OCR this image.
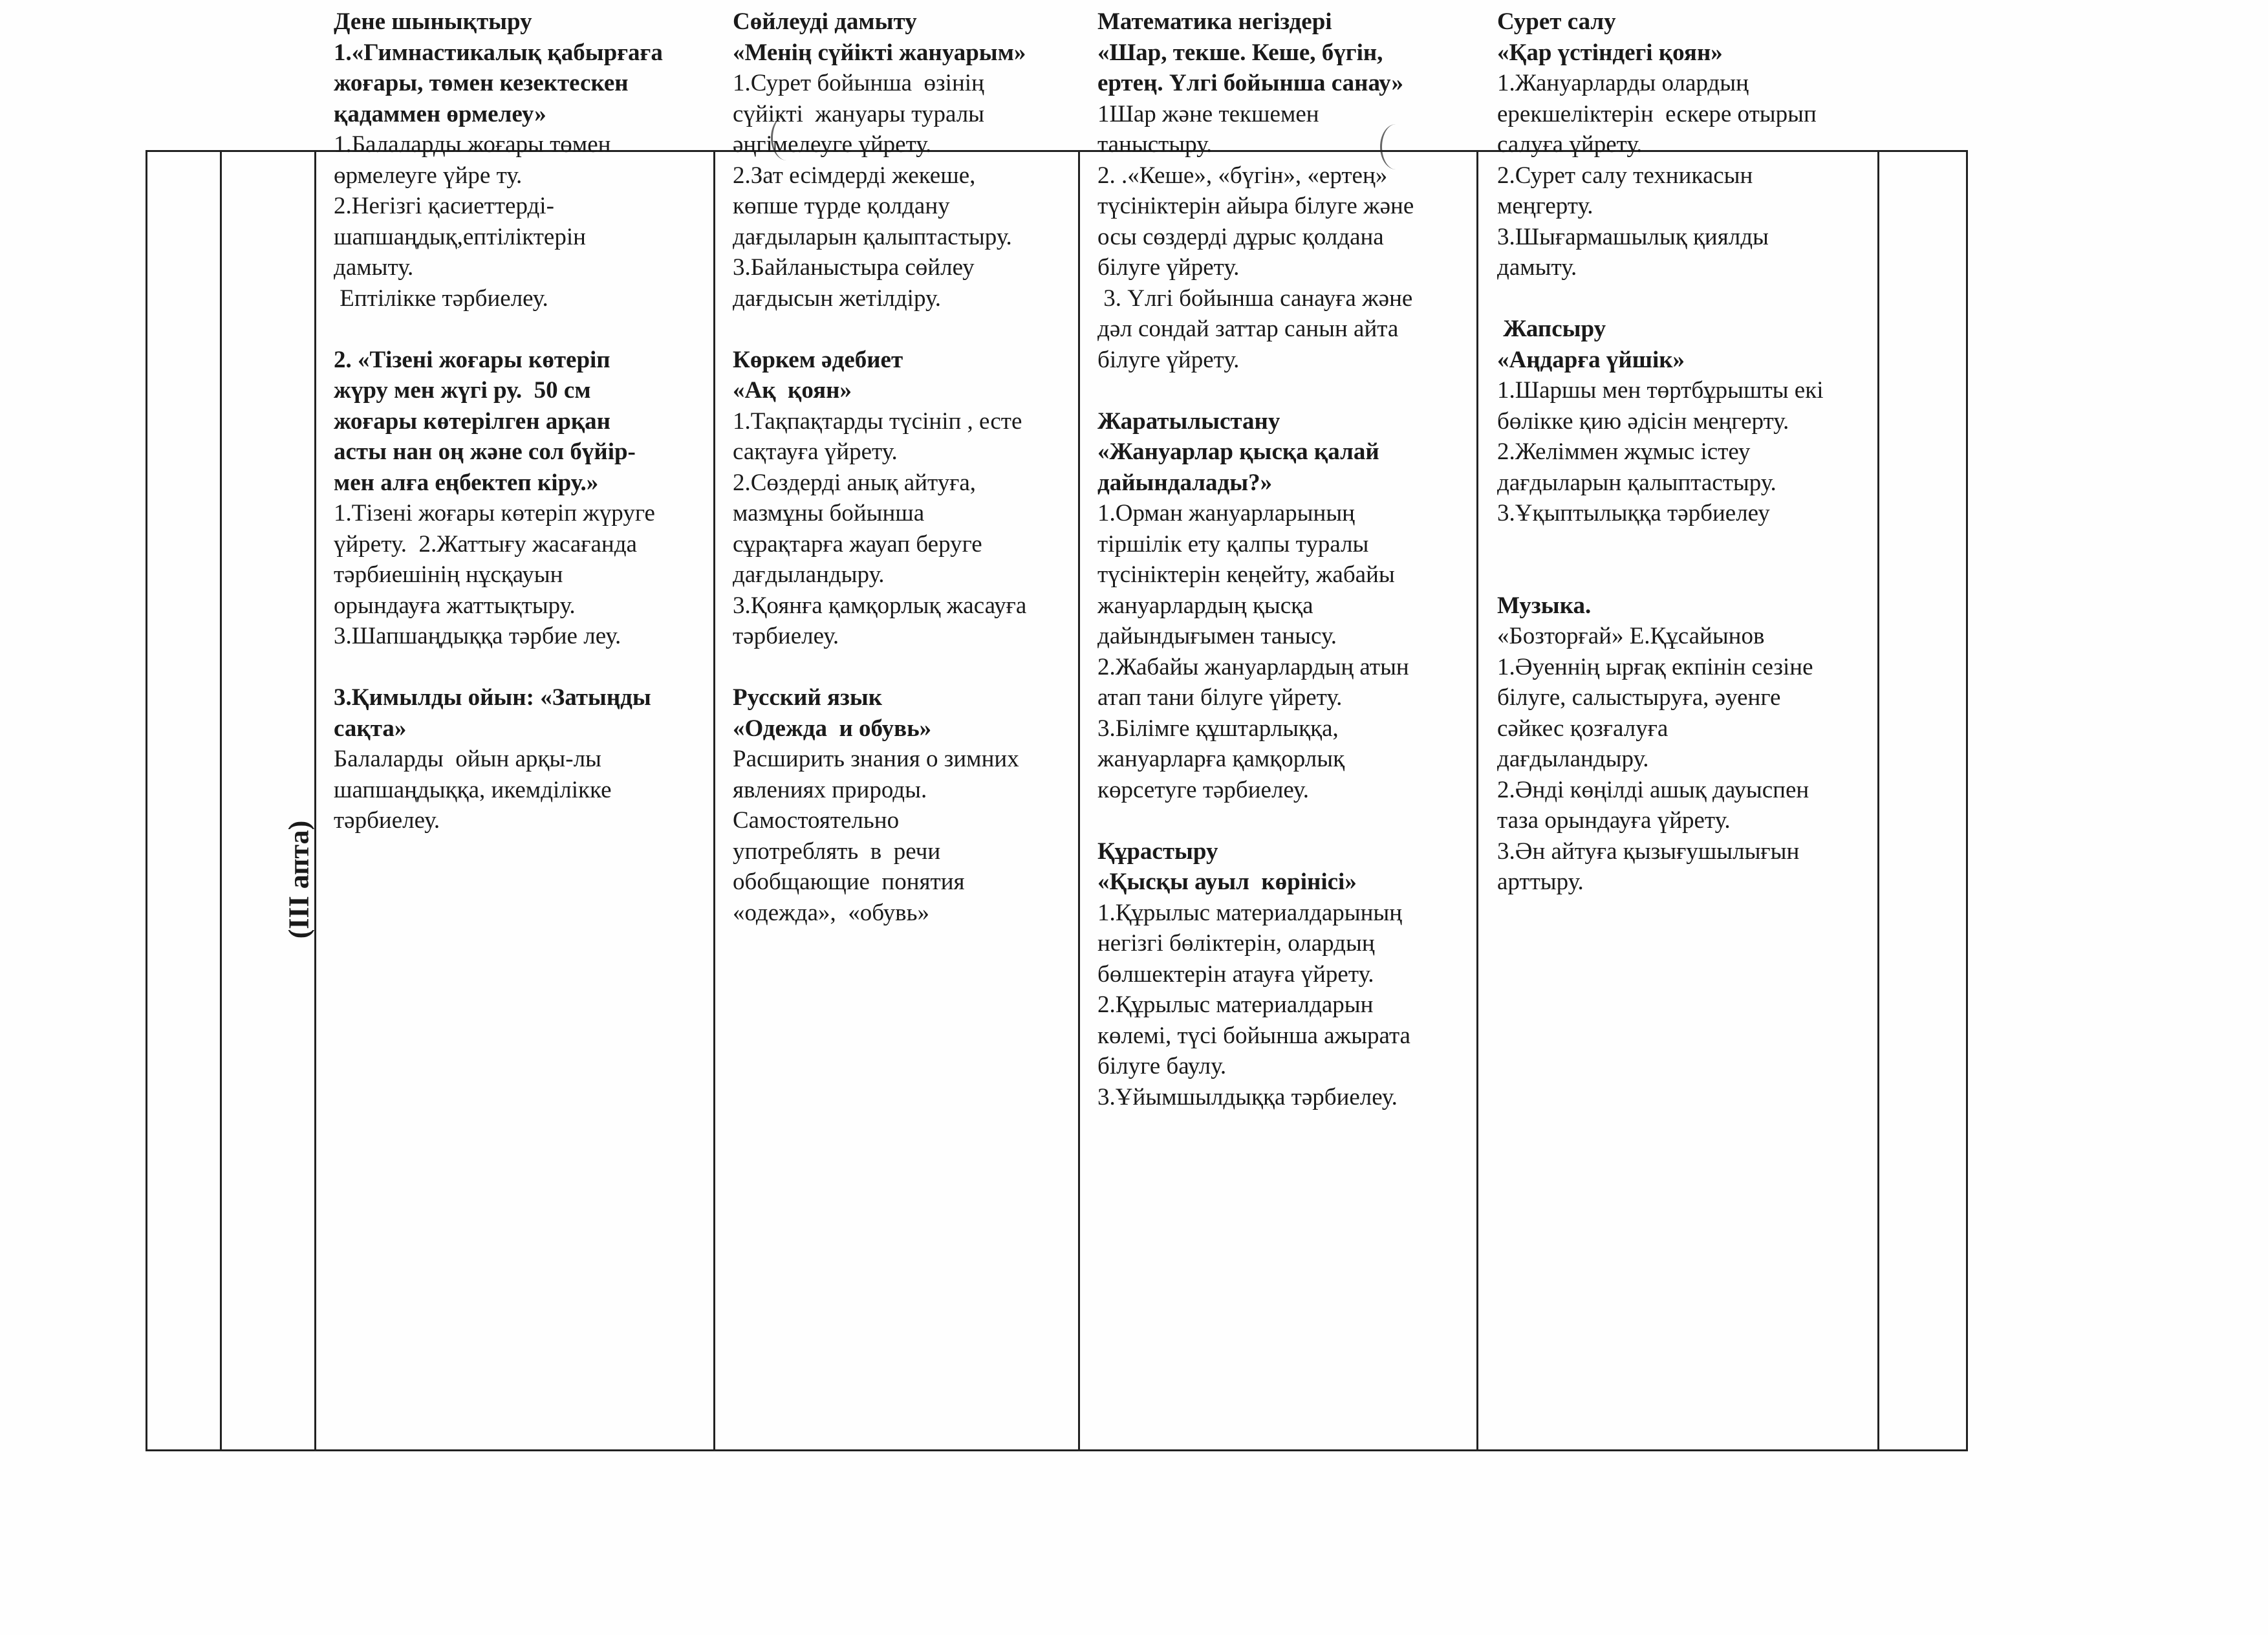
(III апта)

Дене шынықтыру

1.«Гимнастикалық қабырғаға

жоғары, төмен кезектескен

қадаммен өрмелеу»

1.Балаларды жоғары төмен

өрмелеуге үйре ту.

2.Негізгі қасиеттерді-

шапшаңдық,ептіліктерін

дамыту.

Ептілікке тәрбиелеу.

2. «Тізені жоғары көтеріп

жүру мен жүгі ру.  50 см

жоғары көтерілген арқан

асты нан оң және сол бүйір-

мен алға еңбектеп кіру.»

1.Тізені жоғары көтеріп жүруге

үйрету.  2.Жаттығу жасағанда

тәрбиешінің нұсқауын

орындауға жаттықтыру.

3.Шапшаңдыққа тәрбие леу.

3.Қимылды ойын: «Затыңды

сақта»

Балаларды  ойын арқы-лы

шапшаңдыққа, икемділікке

тәрбиелеу.

Сөйлеуді дамыту

«Менің сүйікті жануарым»

1.Сурет бойынша  өзінің

сүйікті  жануары туралы

әңгімелеуге үйрету.

2.Зат есімдерді жекеше,

көпше түрде қолдану

дағдыларын қалыптастыру.

3.Байланыстыра сөйлеу

дағдысын жетілдіру.

Көркем әдебиет

«Ақ  қоян»

1.Тақпақтарды түсініп , есте

сақтауға үйрету.

2.Сөздерді анық айтуға,

мазмұны бойынша

сұрақтарға жауап беруге

дағдыландыру.

3.Қоянға қамқорлық жасауға

тәрбиелеу.

Русский язык

«Одежда  и обувь»

Расширить знания о зимних

явлениях природы.

Самостоятельно

употреблять  в  речи

обобщающие  понятия

«одежда»,  «обувь»

Математика негіздері

«Шар, текше. Кеше, бүгін,

ертең. Үлгі бойынша санау»

1Шар және текшемен

таныстыру.

2. .«Кеше», «бүгін», «ертең»

түсініктерін айыра білуге және

осы сөздерді дұрыс қолдана

білуге үйрету.

3. Үлгі бойынша санауға және

дәл сондай заттар санын айта

білуге үйрету.

Жаратылыстану

«Жануарлар қысқа қалай

дайындалады?»

1.Орман жануарларының

тіршілік ету қалпы туралы

түсініктерін кеңейту, жабайы

жануарлардың қысқа

дайындығымен танысу.

2.Жабайы жануарлардың атын

атап тани білуге үйрету.

3.Білімге құштарлыққа,

жануарларға қамқорлық

көрсетуге тәрбиелеу.

Құрастыру

«Қысқы ауыл  көрінісі»

1.Құрылыс материалдарының

негізгі бөліктерін, олардың

бөлшектерін атауға үйрету.

2.Құрылыс материалдарын

көлемі, түсі бойынша ажырата

білуге баулу.

3.Ұйымшылдыққа тәрбиелеу.

Сурет салу

«Қар үстіндегі қоян»

1.Жануарларды олардың

ерекшеліктерін  ескере отырып

салуға үйрету.

2.Сурет салу техникасын

меңгерту.

3.Шығармашылық қиялды

дамыту.

Жапсыру

«Аңдарға үйшік»

1.Шаршы мен төртбұрышты екі

бөлікке қию әдісін меңгерту.

2.Желіммен жұмыс істеу

дағдыларын қалыптастыру.

3.Ұқыптылыққа тәрбиелеу

Музыка.

«Бозторғай» Е.Құсайынов

1.Әуеннің ырғақ екпінін сезіне

білуге, салыстыруға, әуенге

сәйкес қозғалуға

дағдыландыру.

2.Әнді көңілді ашық дауыспен

таза орындауға үйрету.

3.Ән айтуға қызығушылығын

арттыру.
